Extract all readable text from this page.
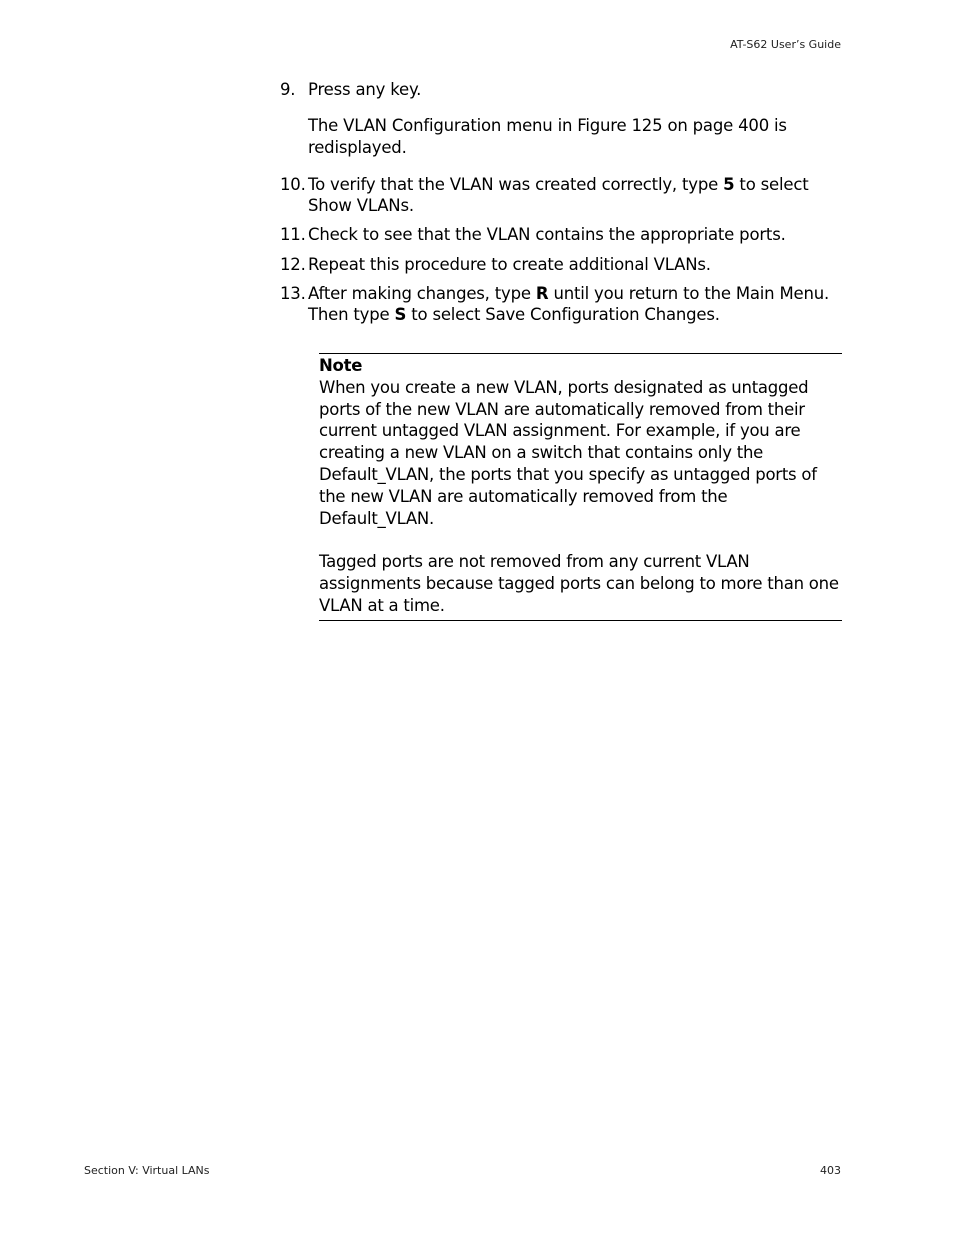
AT-S62 User’s Guide
9. Press any key.
The VLAN Configuration menu in Figure 125 on page 400 is redisplayed.
10. To verify that the VLAN was created correctly, type 5 to select Show VLANs.
11. Check to see that the VLAN contains the appropriate ports.
12. Repeat this procedure to create additional VLANs.
13. After making changes, type R until you return to the Main Menu. Then type S to select Save Configuration Changes.
Note

When you create a new VLAN, ports designated as untagged ports of the new VLAN are automatically removed from their current untagged VLAN assignment. For example, if you are creating a new VLAN on a switch that contains only the Default_VLAN, the ports that you specify as untagged ports of the new VLAN are automatically removed from the Default_VLAN.

Tagged ports are not removed from any current VLAN assignments because tagged ports can belong to more than one VLAN at a time.

Section V: Virtual LANs	403
